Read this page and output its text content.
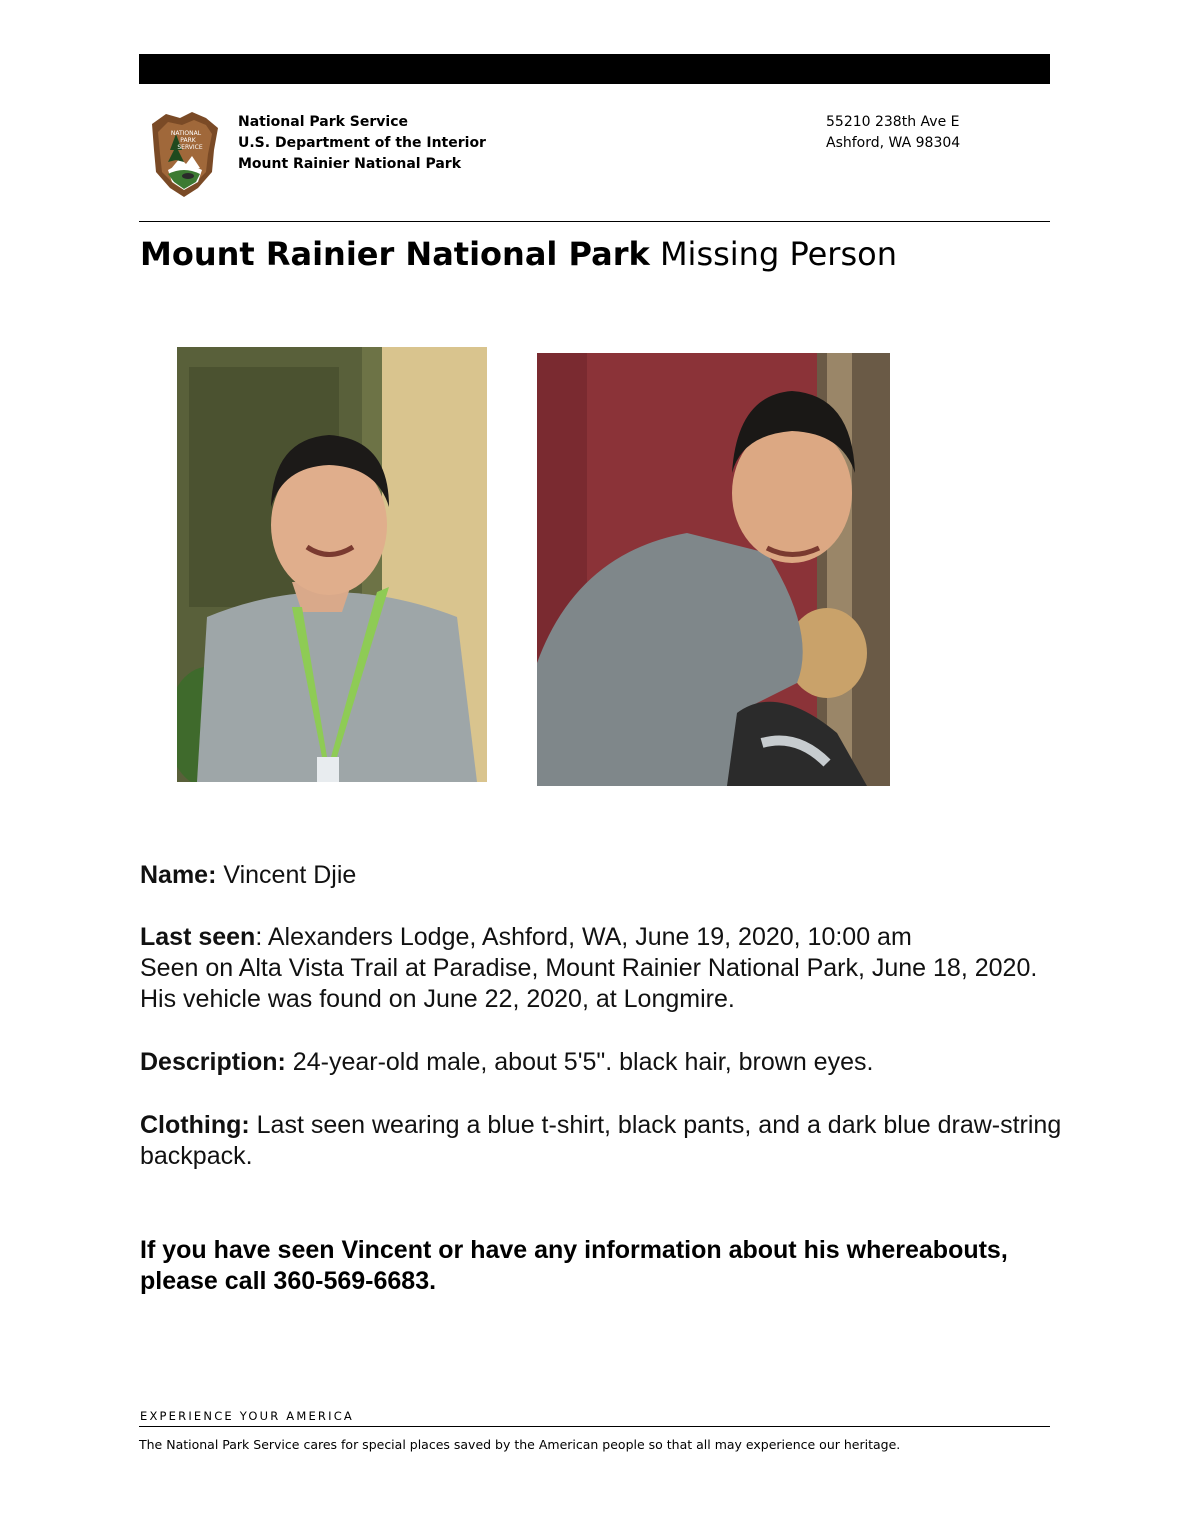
NATIONAL
PARK
SERVICE
National Park Service
U.S. Department of the Interior
Mount Rainier National Park
55210 238th Ave E
Ashford, WA 98304
Mount Rainier National Park Missing Person
Name: Vincent Djie
Last seen: Alexanders Lodge, Ashford, WA, June 19, 2020, 10:00 am
Seen on Alta Vista Trail at Paradise, Mount Rainier National Park, June 18, 2020. His vehicle was found on June 22, 2020, at Longmire.
Description: 24-year-old male, about 5'5". black hair, brown eyes.
Clothing: Last seen wearing a blue t-shirt, black pants, and a dark blue draw-string backpack.
If you have seen Vincent or have any information about his whereabouts, please call 360-569-6683.
EXPERIENCE YOUR AMERICA
The National Park Service cares for special places saved by the American people so that all may experience our heritage.
